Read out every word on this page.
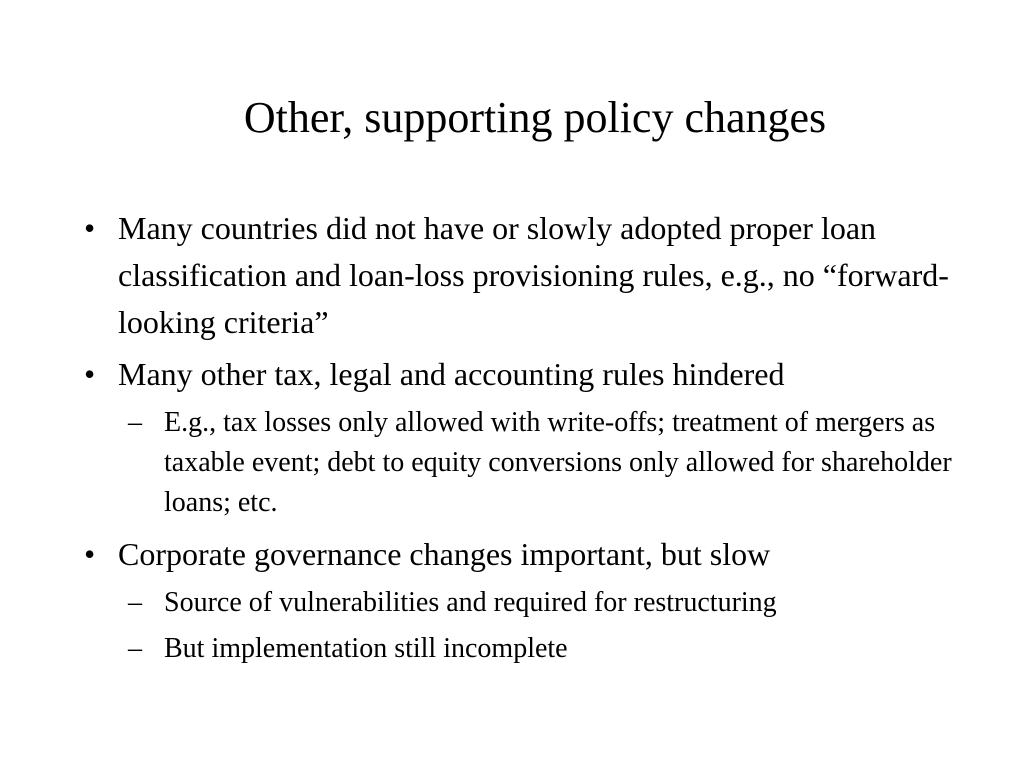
Other, supporting policy changes
• Many countries did not have or slowly adopted proper loan classification and loan-loss provisioning rules, e.g., no “forward-looking criteria”
• Many other tax, legal and accounting rules hindered
– E.g., tax losses only allowed with write-offs; treatment of mergers as taxable event; debt to equity conversions only allowed for shareholder loans; etc.
• Corporate governance changes important, but slow
– Source of vulnerabilities and required for restructuring
– But implementation still incomplete
